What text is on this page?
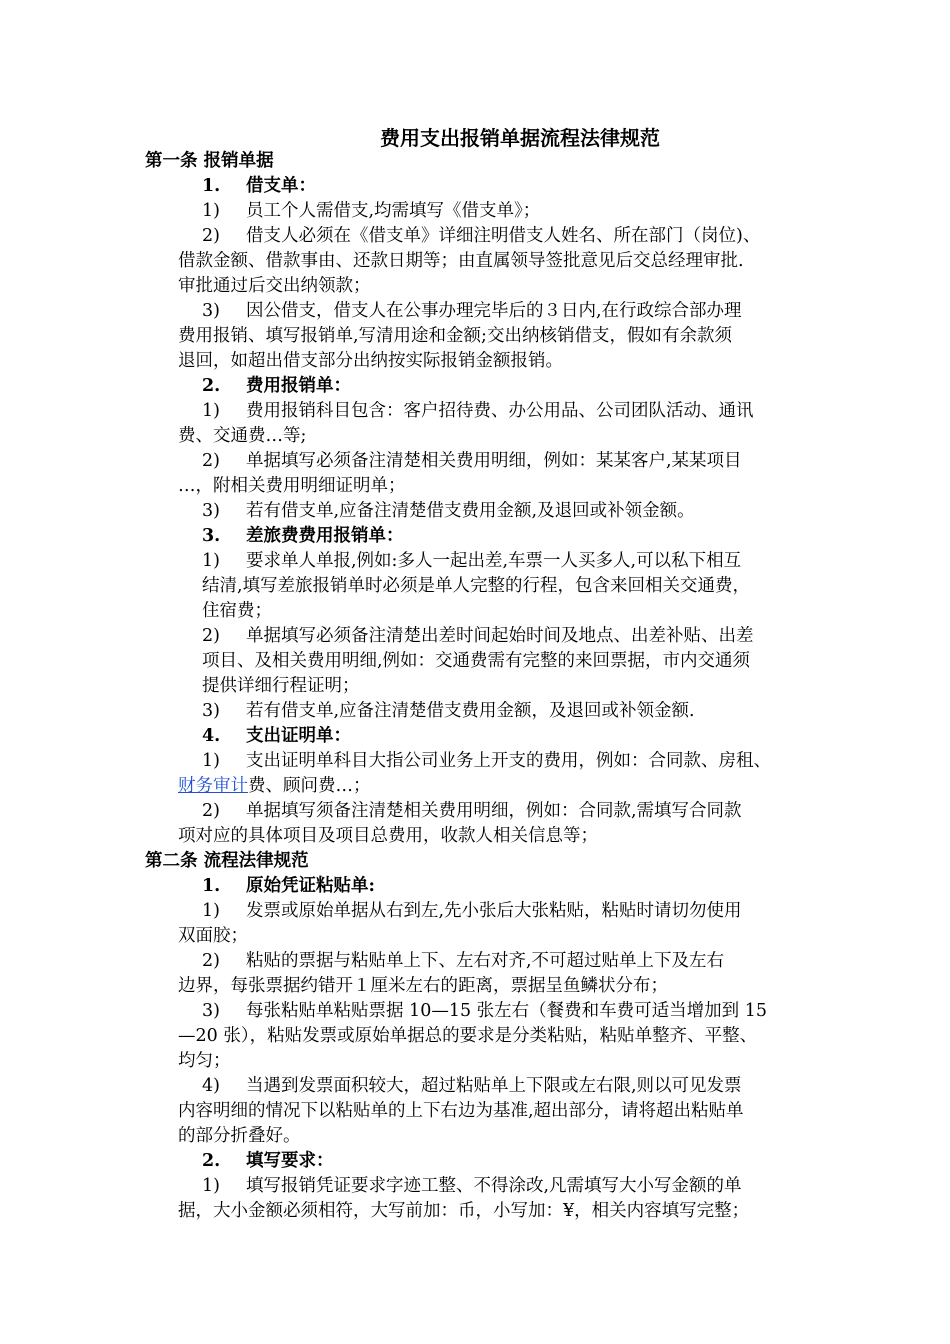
费用支出报销单据流程法律规范
第一条 报销单据
1. 借支单：
1) 员工个人需借支,均需填写《借支单》；
2) 借支人必须在《借支单》详细注明借支人姓名、所在部门（岗位)、
借款金额、借款事由、还款日期等；由直属领导签批意见后交总经理审批.
审批通过后交出纳领款；
3) 因公借支，借支人在公事办理完毕后的３日内,在行政综合部办理
费用报销、填写报销单,写清用途和金额;交出纳核销借支，假如有余款须
退回，如超出借支部分出纳按实际报销金额报销。
2. 费用报销单：
1) 费用报销科目包含：客户招待费、办公用品、公司团队活动、通讯
费、交通费…等;
2) 单据填写必须备注清楚相关费用明细，例如：某某客户,某某项目
…，附相关费用明细证明单；
3) 若有借支单,应备注清楚借支费用金额,及退回或补领金额。
3. 差旅费费用报销单：
1) 要求单人单报,例如:多人一起出差,车票一人买多人,可以私下相互
结清,填写差旅报销单时必须是单人完整的行程，包含来回相关交通费，
住宿费；
2) 单据填写必须备注清楚出差时间起始时间及地点、出差补贴、出差
项目、及相关费用明细,例如：交通费需有完整的来回票据，市内交通须
提供详细行程证明；
3) 若有借支单,应备注清楚借支费用金额，及退回或补领金额.
4. 支出证明单：
1) 支出证明单科目大指公司业务上开支的费用，例如：合同款、房租、
财务审计费、顾问费…；
2) 单据填写须备注清楚相关费用明细，例如：合同款,需填写合同款
项对应的具体项目及项目总费用，收款人相关信息等；
第二条 流程法律规范
1. 原始凭证粘贴单:
1) 发票或原始单据从右到左,先小张后大张粘贴，粘贴时请切勿使用
双面胶；
2) 粘贴的票据与粘贴单上下、左右对齐,不可超过贴单上下及左右
边界，每张票据约错开１厘米左右的距离，票据呈鱼鳞状分布；
3) 每张粘贴单粘贴票据 10—15 张左右（餐费和车费可适当增加到 15
—20 张），粘贴发票或原始单据总的要求是分类粘贴，粘贴单整齐、平整、
均匀；
4) 当遇到发票面积较大，超过粘贴单上下限或左右限,则以可见发票
内容明细的情况下以粘贴单的上下右边为基准,超出部分，请将超出粘贴单
的部分折叠好。
2. 填写要求：
1) 填写报销凭证要求字迹工整、不得涂改,凡需填写大小写金额的单
据，大小金额必须相符，大写前加：币，小写加：¥，相关内容填写完整；
